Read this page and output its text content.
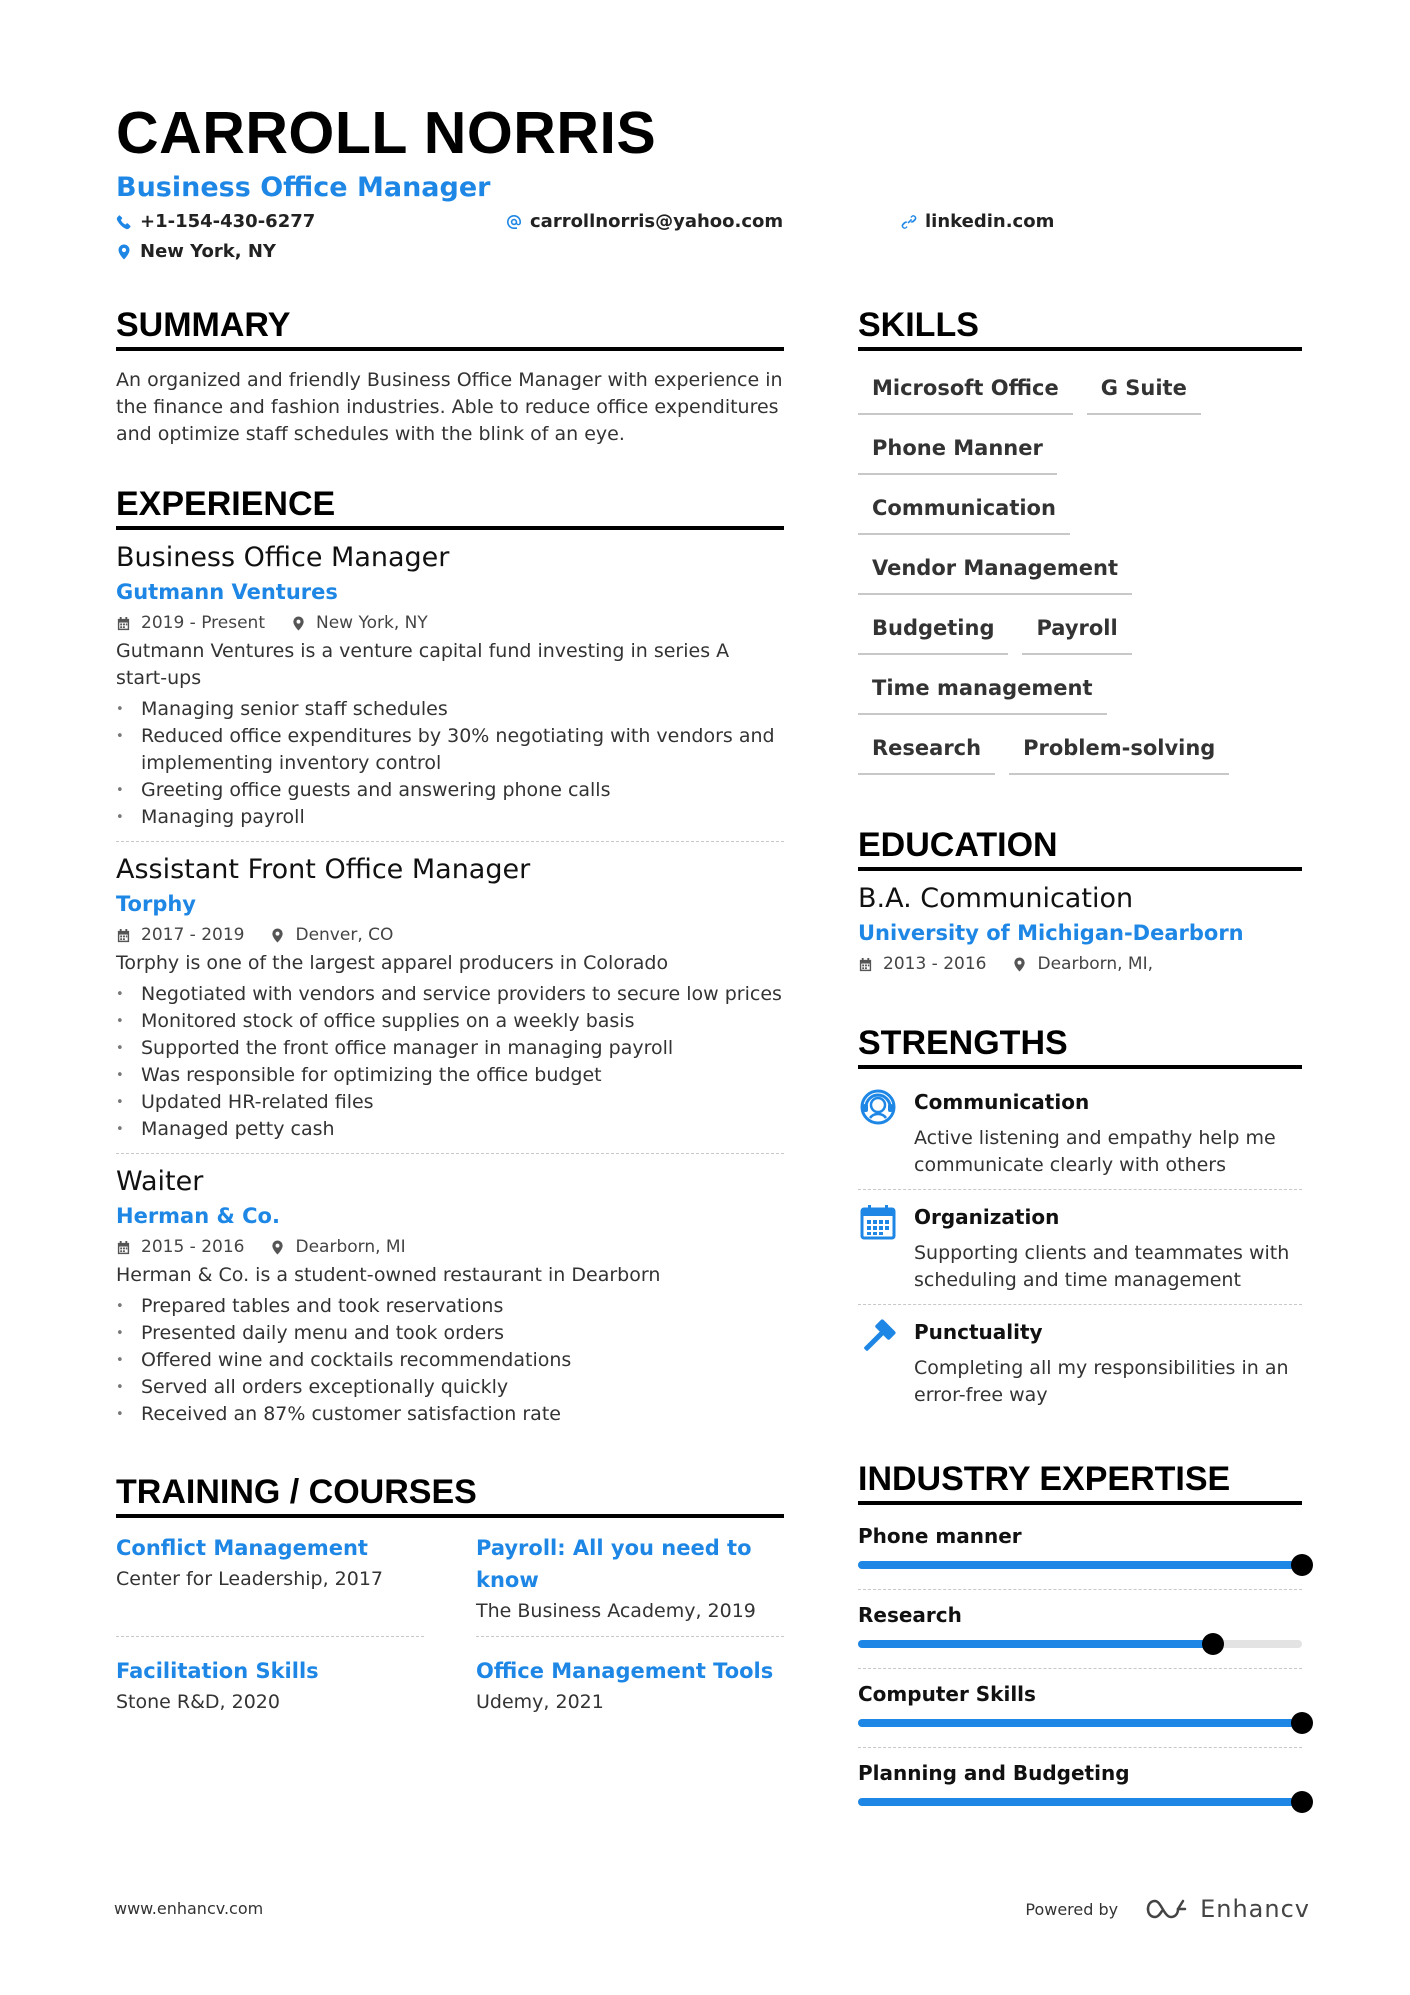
CARROLL NORRIS
Business Office Manager
+1-154-430-6277	carrollnorris@yahoo.com	linkedin.com
New York, NY
SUMMARY
An organized and friendly Business Office Manager with experience in the finance and fashion industries. Able to reduce office expenditures and optimize staff schedules with the blink of an eye.
EXPERIENCE
Business Office Manager
Gutmann Ventures
2019 - Present	New York, NY
Gutmann Ventures is a venture capital fund investing in series A start-ups
• Managing senior staff schedules
• Reduced office expenditures by 30% negotiating with vendors and implementing inventory control
• Greeting office guests and answering phone calls
• Managing payroll
Assistant Front Office Manager
Torphy
2017 - 2019	Denver, CO
Torphy is one of the largest apparel producers in Colorado
• Negotiated with vendors and service providers to secure low prices
• Monitored stock of office supplies on a weekly basis
• Supported the front office manager in managing payroll
• Was responsible for optimizing the office budget
• Updated HR-related files
• Managed petty cash
Waiter
Herman & Co.
2015 - 2016	Dearborn, MI
Herman & Co. is a student-owned restaurant in Dearborn
• Prepared tables and took reservations
• Presented daily menu and took orders
• Offered wine and cocktails recommendations
• Served all orders exceptionally quickly
• Received an 87% customer satisfaction rate
TRAINING / COURSES
Conflict Management
Center for Leadership, 2017
Payroll: All you need to know
The Business Academy, 2019
Facilitation Skills
Stone R&D, 2020
Office Management Tools
Udemy, 2021
SKILLS
Microsoft Office	G Suite
Phone Manner
Communication
Vendor Management
Budgeting	Payroll
Time management
Research	Problem-solving
EDUCATION
B.A. Communication
University of Michigan-Dearborn
2013 - 2016	Dearborn, MI,
STRENGTHS
Communication
Active listening and empathy help me communicate clearly with others
Organization
Supporting clients and teammates with scheduling and time management
Punctuality
Completing all my responsibilities in an error-free way
INDUSTRY EXPERTISE
Phone manner
Research
Computer Skills
Planning and Budgeting
www.enhancv.com	Powered by	Enhancv
